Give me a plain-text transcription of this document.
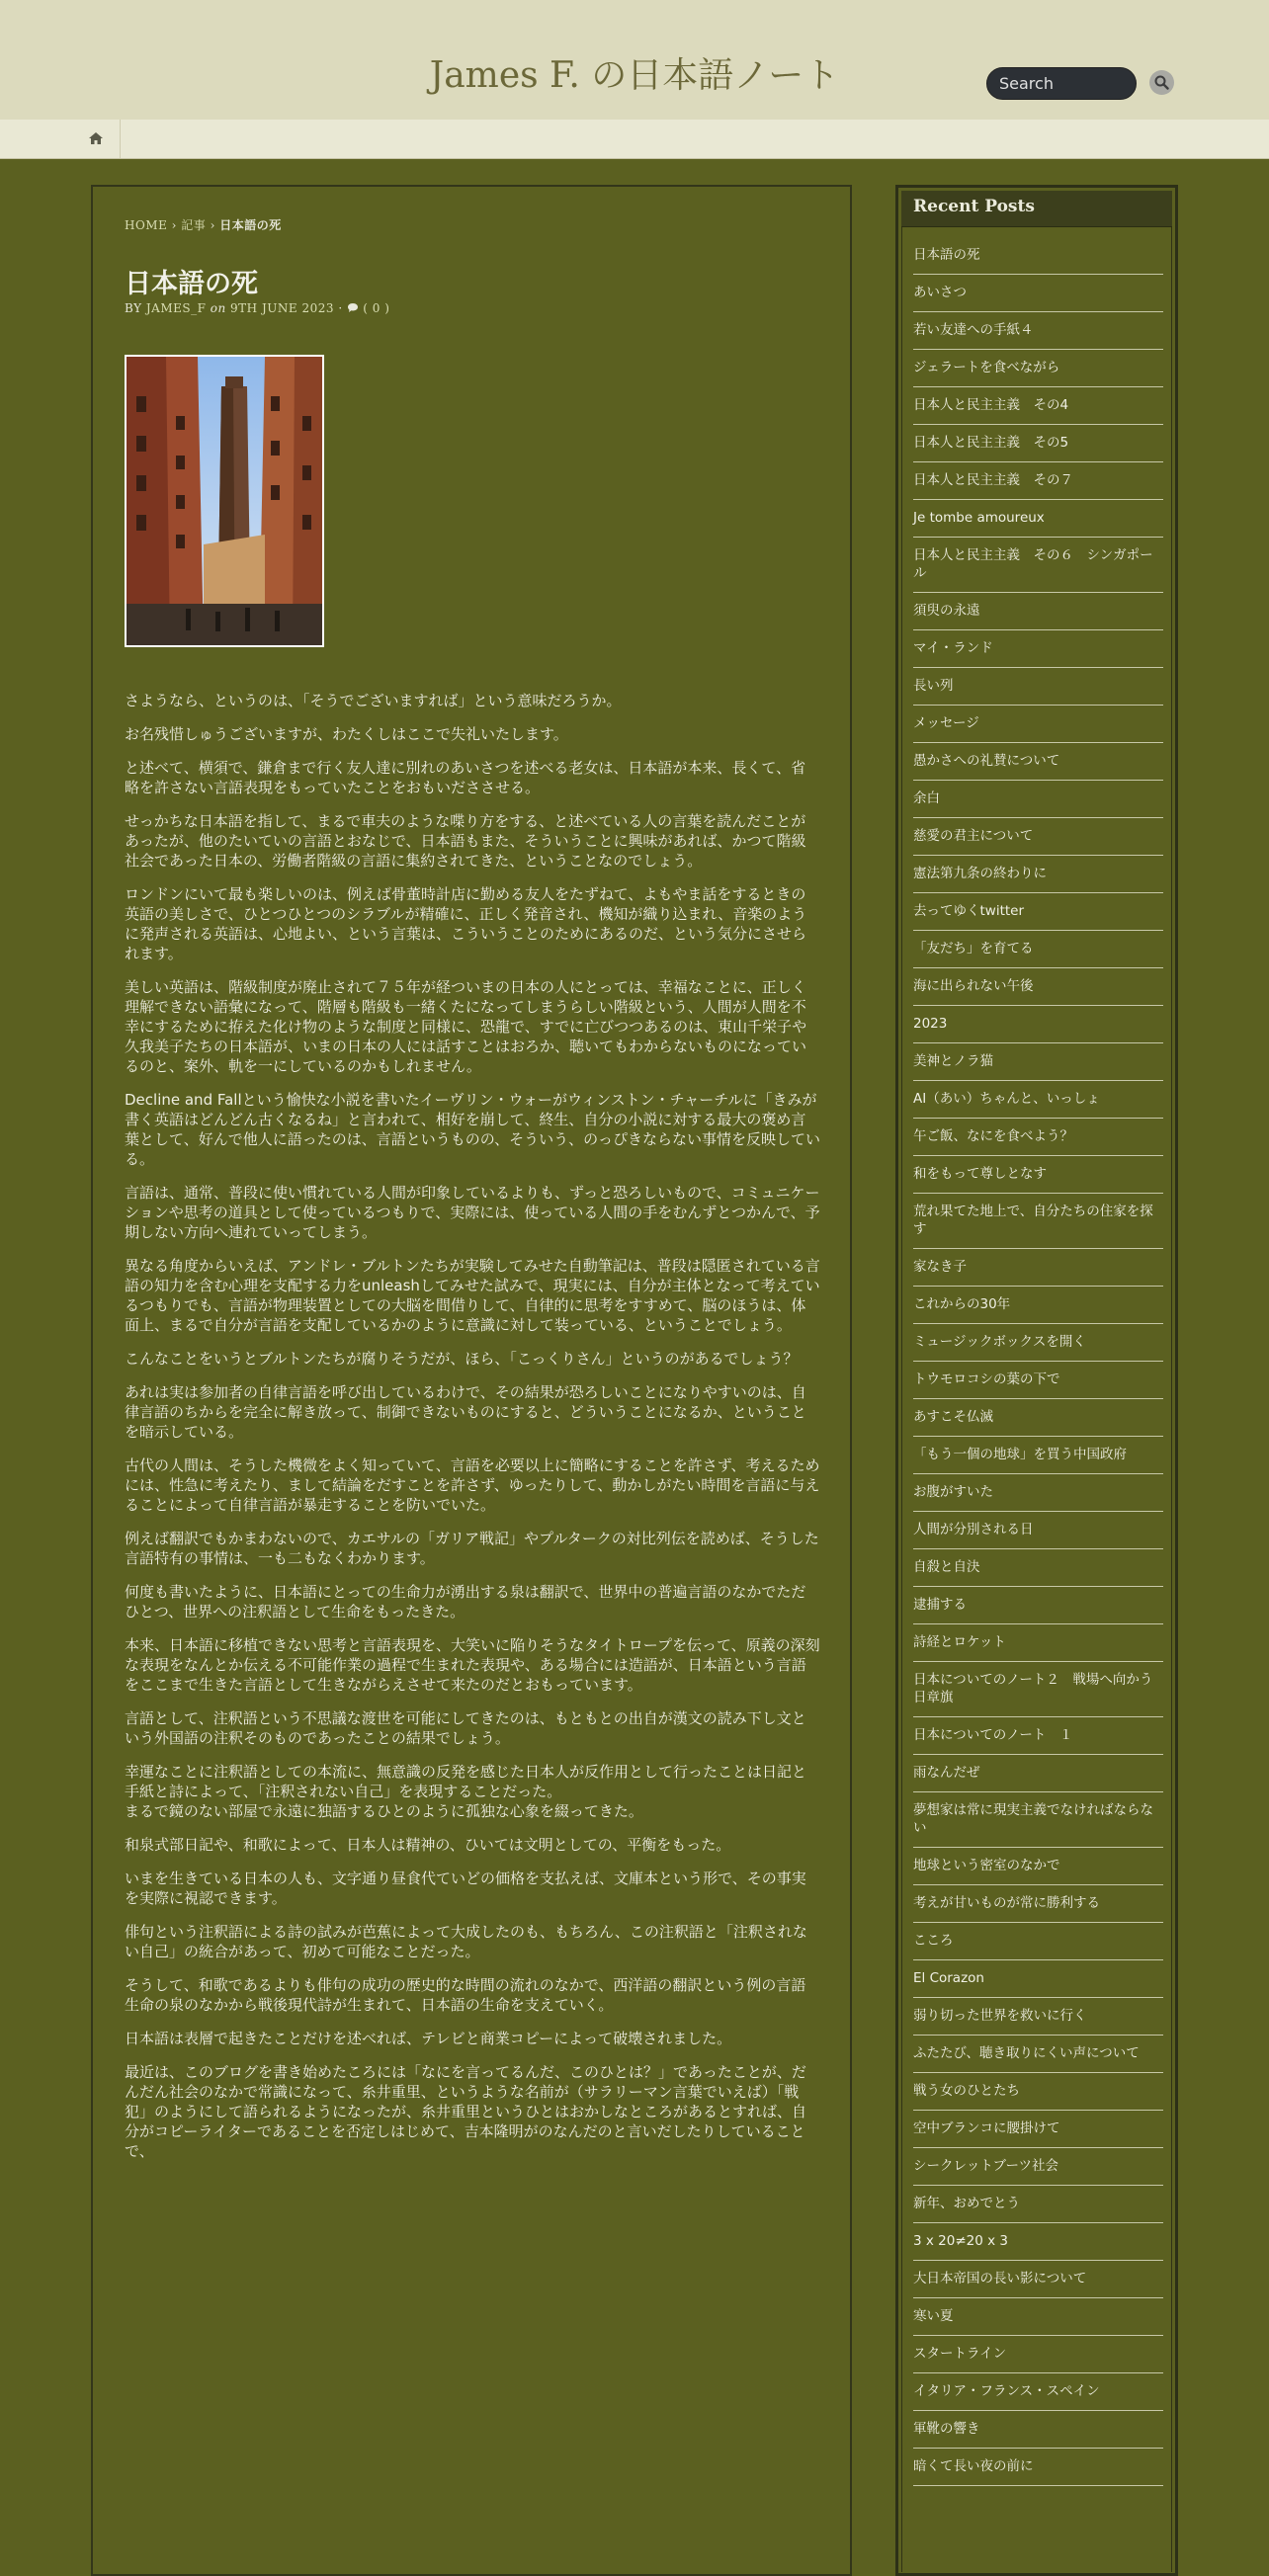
James F. の日本語ノート
Search
HOME › 記事 › 日本語の死
日本語の死
BY JAMES_F on 9TH JUNE 2023 ·  ( 0 )

さようなら、というのは、「そうでございますれば」という意味だろうか。

お名残惜しゅうございますが、わたくしはここで失礼いたします。

と述べて、横須で、鎌倉まで行く友人達に別れのあいさつを述べる老女は、日本語が本来、長くて、省略を許さない言語表現をもっていたことをおもいだささせる。

せっかちな日本語を指して、まるで車夫のような喋り方をする、と述べている人の言葉を読んだことがあったが、他のたいていの言語とおなじで、日本語もまた、そういうことに興味があれば、かつて階級社会であった日本の、労働者階級の言語に集約されてきた、ということなのでしょう。

ロンドンにいて最も楽しいのは、例えば骨董時計店に勤める友人をたずねて、よもやま話をするときの英語の美しさで、ひとつひとつのシラブルが精確に、正しく発音され、機知が織り込まれ、音楽のように発声される英語は、心地よい、という言葉は、こういうことのためにあるのだ、という気分にさせられます。

美しい英語は、階級制度が廃止されて７５年が経ついまの日本の人にとっては、幸福なことに、正しく理解できない語彙になって、階層も階級も一緒くたになってしまうらしい階級という、人間が人間を不幸にするために拵えた化け物のような制度と同様に、恐龍で、すでに亡びつつあるのは、東山千栄子や久我美子たちの日本語が、いまの日本の人には話すことはおろか、聴いてもわからないものになっているのと、案外、軌を一にしているのかもしれません。

Decline and Fallという愉快な小説を書いたイーヴリン・ウォーがウィンストン・チャーチルに「きみが書く英語はどんどん古くなるね」と言われて、相好を崩して、終生、自分の小説に対する最大の褒め言葉として、好んで他人に語ったのは、言語というものの、そういう、のっぴきならない事情を反映している。

言語は、通常、普段に使い慣れている人間が印象しているよりも、ずっと恐ろしいもので、コミュニケーションや思考の道具として使っているつもりで、実際には、使っている人間の手をむんずとつかんで、予期しない方向へ連れていってしまう。

異なる角度からいえば、アンドレ・ブルトンたちが実験してみせた自動筆記は、普段は隠匿されている言語の知力を含む心理を支配する力をunleashしてみせた試みで、現実には、自分が主体となって考えているつもりでも、言語が物理装置としての大脳を間借りして、自律的に思考をすすめて、脳のほうは、体面上、まるで自分が言語を支配しているかのように意識に対して装っている、ということでしょう。

こんなことをいうとブルトンたちが腐りそうだが、ほら、「こっくりさん」というのがあるでしょう？

あれは実は参加者の自律言語を呼び出しているわけで、その結果が恐ろしいことになりやすいのは、自律言語のちからを完全に解き放って、制御できないものにすると、どういうことになるか、ということを暗示している。

古代の人間は、そうした機微をよく知っていて、言語を必要以上に簡略にすることを許さず、考えるためには、性急に考えたり、まして結論をだすことを許さず、ゆったりして、動かしがたい時間を言語に与えることによって自律言語が暴走することを防いでいた。

例えば翻訳でもかまわないので、カエサルの「ガリア戦記」やプルタークの対比列伝を読めば、そうした言語特有の事情は、一も二もなくわかります。

何度も書いたように、日本語にとっての生命力が湧出する泉は翻訳で、世界中の普遍言語のなかでただひとつ、世界への注釈語として生命をもったきた。

本来、日本語に移植できない思考と言語表現を、大笑いに陥りそうなタイトロープを伝って、原義の深刻な表現をなんとか伝える不可能作業の過程で生まれた表現や、ある場合には造語が、日本語という言語をここまで生きた言語として生きながらえさせて来たのだとおもっています。

言語として、注釈語という不思議な渡世を可能にしてきたのは、もともとの出自が漢文の読み下し文という外国語の注釈そのものであったことの結果でしょう。

幸運なことに注釈語としての本流に、無意識の反発を感じた日本人が反作用として行ったことは日記と手紙と詩によって、「注釈されない自己」を表現することだった。
まるで鏡のない部屋で永遠に独語するひとのように孤独な心象を綴ってきた。

和泉式部日記や、和歌によって、日本人は精神の、ひいては文明としての、平衡をもった。

いまを生きている日本の人も、文字通り昼食代ていどの価格を支払えば、文庫本という形で、その事実を実際に視認できます。

俳句という注釈語による詩の試みが芭蕉によって大成したのも、もちろん、この注釈語と「注釈されない自己」の統合があって、初めて可能なことだった。

そうして、和歌であるよりも俳句の成功の歴史的な時間の流れのなかで、西洋語の翻訳という例の言語生命の泉のなかから戦後現代詩が生まれて、日本語の生命を支えていく。

日本語は表層で起きたことだけを述べれば、テレビと商業コピーによって破壊されました。

最近は、このブログを書き始めたころには「なにを言ってるんだ、このひとは？」であったことが、だんだん社会のなかで常識になって、糸井重里、というような名前が（サラリーマン言葉でいえば）「戦犯」のようにして語られるようになったが、糸井重里というひとはおかしなところがあるとすれば、自分がコピーライターであることを否定しはじめて、吉本隆明がのなんだのと言いだしたりしていることで、

Recent Posts
日本語の死
あいさつ
若い友達への手紙４
ジェラートを食べながら
日本人と民主主義　その4
日本人と民主主義　その5
日本人と民主主義　その７
Je tombe amoureux
日本人と民主主義　その６　シンガポール
須臾の永遠
マイ・ランド
長い列
メッセージ
愚かさへの礼賛について
余白
慈愛の君主について
憲法第九条の終わりに
去ってゆくtwitter
「友だち」を育てる
海に出られない午後
2023
美神とノラ猫
AI（あい）ちゃんと、いっしょ
午ご飯、なにを食べよう？
和をもって尊しとなす
荒れ果てた地上で、自分たちの住家を探す
家なき子
これからの30年
ミュージックボックスを開く
トウモロコシの葉の下で
あすこそ仏滅
「もう一個の地球」を買う中国政府
お腹がすいた
人間が分別される日
自殺と自決
逮捕する
詩経とロケット
日本についてのノート２　戦場へ向かう日章旗
日本についてのノート　１
雨なんだぜ
夢想家は常に現実主義でなければならない
地球という密室のなかで
考えが甘いものが常に勝利する
こころ
El Corazon
弱り切った世界を救いに行く
ふたたび、聴き取りにくい声について
戦う女のひとたち
空中ブランコに腰掛けて
シークレットブーツ社会
新年、おめでとう
3 x 20≠20 x 3
大日本帝国の長い影について
寒い夏
スタートライン
イタリア・フランス・スペイン
軍靴の響き
暗くて長い夜の前に
